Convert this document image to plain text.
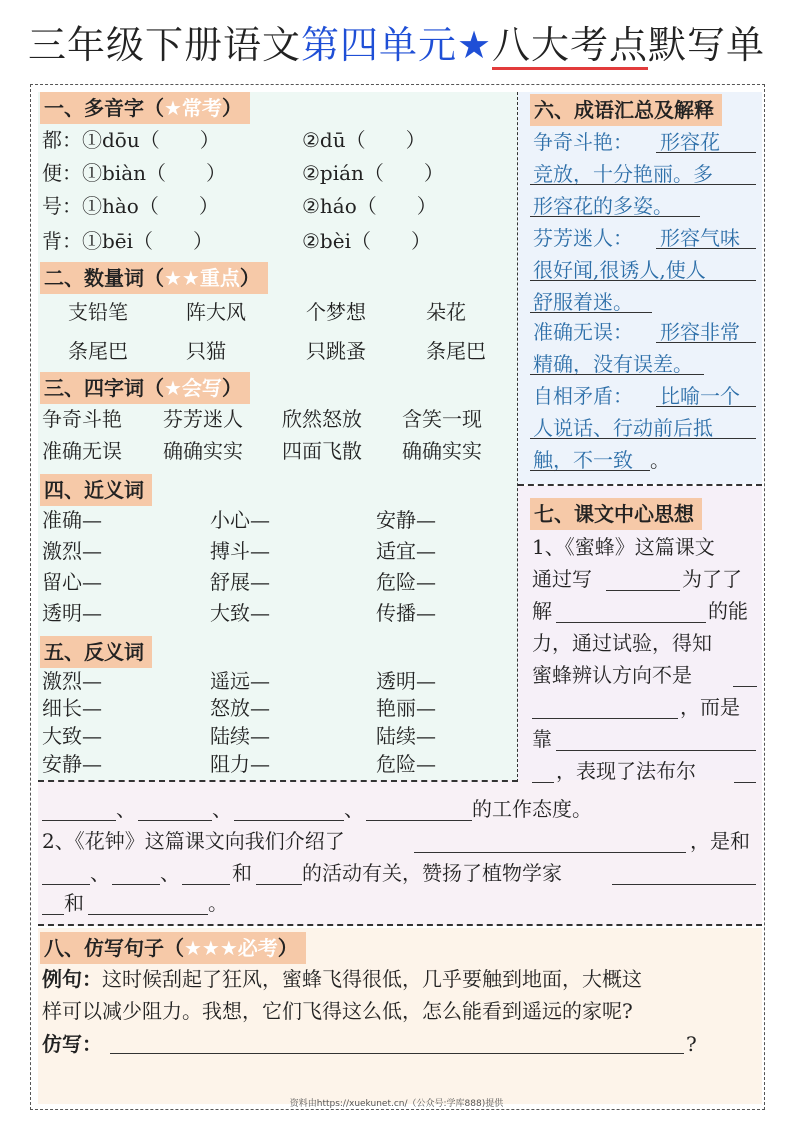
三年级下册语文第四单元★八大考点默写单
一、多音字（★常考）
都：①dōu（　　）	②dū（　　）
便：①biàn（　　）	②pián（　　）
号：①hào（　　）	②háo（　　）
背：①bēi（　　）	②bèi（　　）
二、数量词（★★重点）
支铅笔	阵大风	个梦想	朵花
条尾巴	只猫	只跳蚤	条尾巴
三、四字词（★会写）
争奇斗艳 芬芳迷人 欣然怒放 含笑一现
准确无误 确确实实 四面飞散 确确实实
四、近义词
准确—	小心—	安静—
激烈—	搏斗—	适宜—
留心—	舒展—	危险—
透明—	大致—	传播—
五、反义词
激烈—	遥远—	透明—
细长—	怒放—	艳丽—
大致—	陆续—	陆续—
安静—	阻力—	危险—
六、成语汇总及解释
争奇斗艳： 形容花
竞放，十分艳丽。多
形容花的多姿。
芬芳迷人： 形容气味
很好闻,很诱人,使人
舒服着迷。
准确无误： 形容非常
精确，没有误差。
自相矛盾： 比喻一个
人说话、行动前后抵
触，不一致 。
七、课文中心思想
1、《蜜蜂》这篇课文
通过写	为了了
解	的能
力，通过试验，得知
蜜蜂辨认方向不是
，而是
靠
，表现了法布尔
、	、	、	的工作态度。
2、《花钟》这篇课文向我们介绍了	，是和
、	、	和	的活动有关，赞扬了植物学家
和	。
八、仿写句子（★★★必考）
例句：这时候刮起了狂风，蜜蜂飞得很低，几乎要触到地面，大概这
样可以减少阻力。我想，它们飞得这么低，怎么能看到遥远的家呢?
仿写：	?
资料由https://xuekunet.cn/（公众号:学库888)提供
